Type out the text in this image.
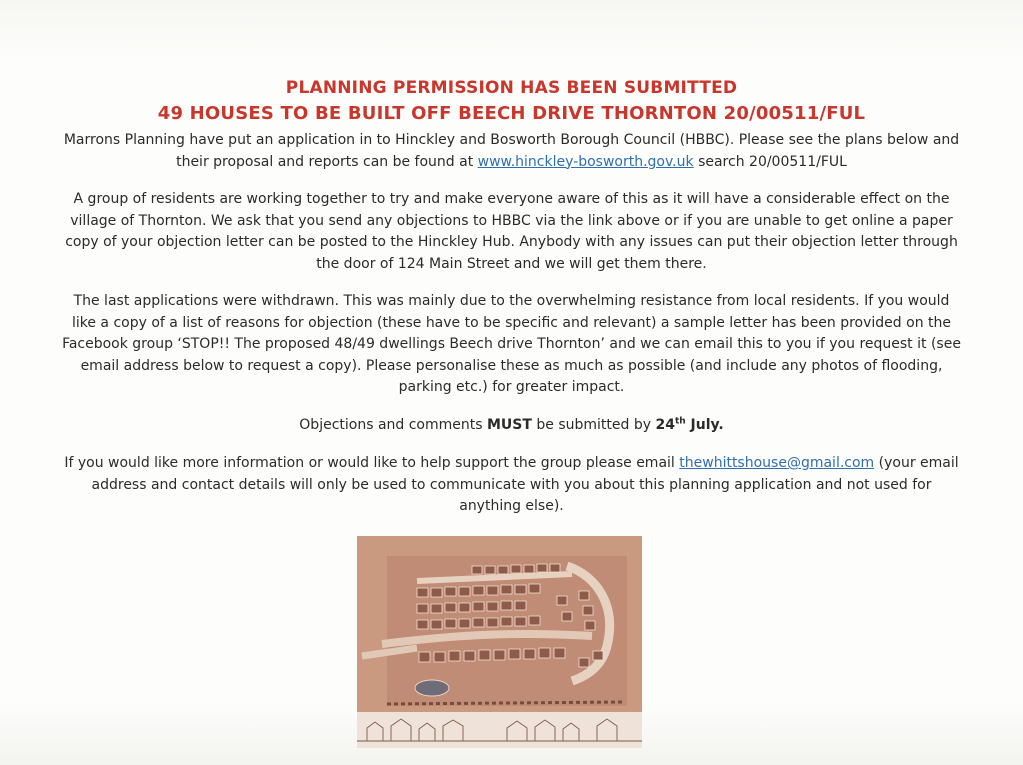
PLANNING PERMISSION HAS BEEN SUBMITTED
49 HOUSES TO BE BUILT OFF BEECH DRIVE THORNTON 20/00511/FUL
Marrons Planning have put an application in to Hinckley and Bosworth Borough Council (HBBC). Please see the plans below and their proposal and reports can be found at www.hinckley-bosworth.gov.uk search 20/00511/FUL
A group of residents are working together to try and make everyone aware of this as it will have a considerable effect on the village of Thornton. We ask that you send any objections to HBBC via the link above or if you are unable to get online a paper copy of your objection letter can be posted to the Hinckley Hub. Anybody with any issues can put their objection letter through the door of 124 Main Street and we will get them there.
The last applications were withdrawn. This was mainly due to the overwhelming resistance from local residents. If you would like a copy of a list of reasons for objection (these have to be specific and relevant) a sample letter has been provided on the Facebook group ‘STOP!! The proposed 48/49 dwellings Beech drive Thornton’ and we can email this to you if you request it (see email address below to request a copy). Please personalise these as much as possible (and include any photos of flooding, parking etc.) for greater impact.
Objections and comments MUST be submitted by 24th July.
If you would like more information or would like to help support the group please email thewhittshouse@gmail.com (your email address and contact details will only be used to communicate with you about this planning application and not used for anything else).
